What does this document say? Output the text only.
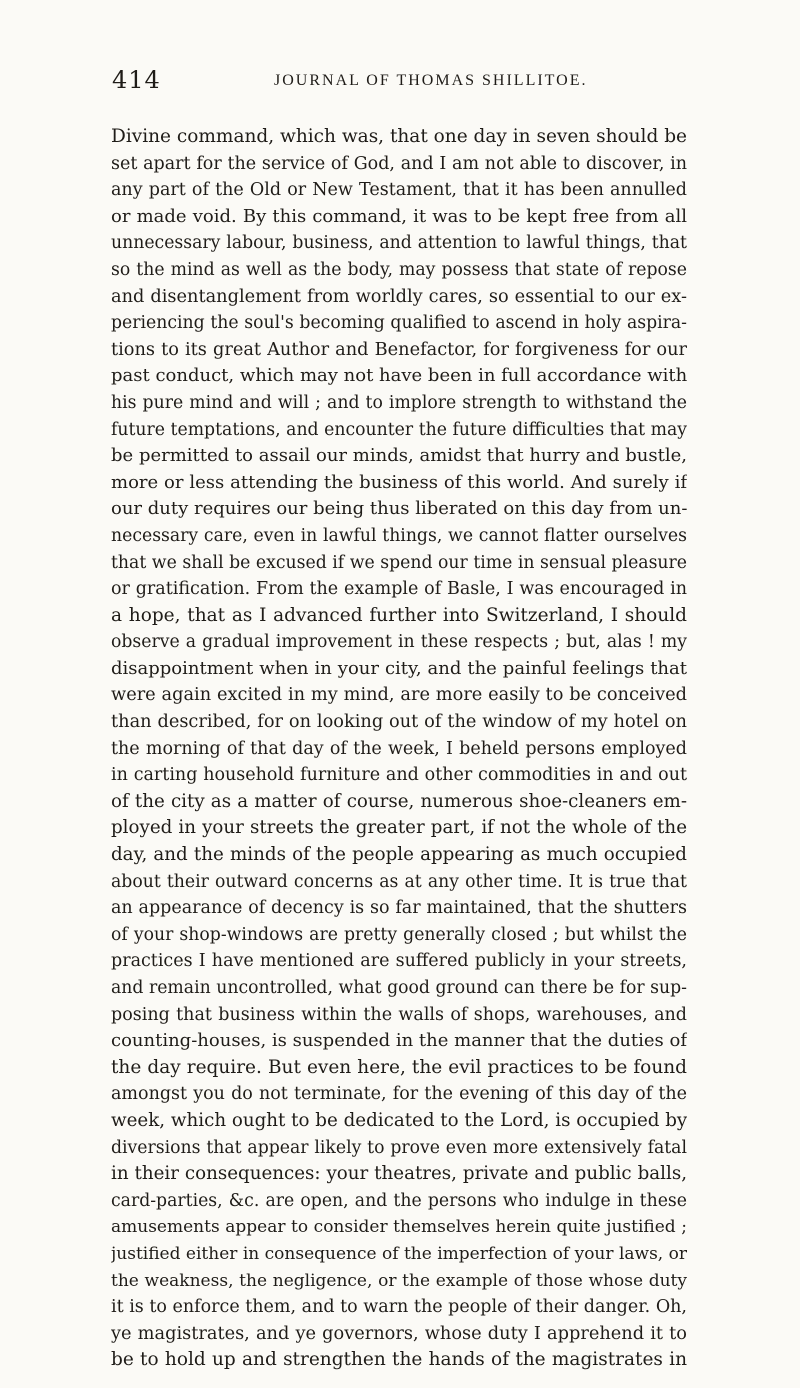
414	JOURNAL OF THOMAS SHILLITOE.
Divine command, which was, that one day in seven should be
set apart for the service of God, and I am not able to discover, in
any part of the Old or New Testament, that it has been annulled
or made void. By this command, it was to be kept free from all
unnecessary labour, business, and attention to lawful things, that
so the mind as well as the body, may possess that state of repose
and disentanglement from worldly cares, so essential to our ex-
periencing the soul's becoming qualified to ascend in holy aspira-
tions to its great Author and Benefactor, for forgiveness for our
past conduct, which may not have been in full accordance with
his pure mind and will ; and to implore strength to withstand the
future temptations, and encounter the future difficulties that may
be permitted to assail our minds, amidst that hurry and bustle,
more or less attending the business of this world. And surely if
our duty requires our being thus liberated on this day from un-
necessary care, even in lawful things, we cannot flatter ourselves
that we shall be excused if we spend our time in sensual pleasure
or gratification. From the example of Basle, I was encouraged in
a hope, that as I advanced further into Switzerland, I should
observe a gradual improvement in these respects ; but, alas ! my
disappointment when in your city, and the painful feelings that
were again excited in my mind, are more easily to be conceived
than described, for on looking out of the window of my hotel on
the morning of that day of the week, I beheld persons employed
in carting household furniture and other commodities in and out
of the city as a matter of course, numerous shoe-cleaners em-
ployed in your streets the greater part, if not the whole of the
day, and the minds of the people appearing as much occupied
about their outward concerns as at any other time. It is true that
an appearance of decency is so far maintained, that the shutters
of your shop-windows are pretty generally closed ; but whilst the
practices I have mentioned are suffered publicly in your streets,
and remain uncontrolled, what good ground can there be for sup-
posing that business within the walls of shops, warehouses, and
counting-houses, is suspended in the manner that the duties of
the day require. But even here, the evil practices to be found
amongst you do not terminate, for the evening of this day of the
week, which ought to be dedicated to the Lord, is occupied by
diversions that appear likely to prove even more extensively fatal
in their consequences: your theatres, private and public balls,
card-parties, &c. are open, and the persons who indulge in these
amusements appear to consider themselves herein quite justified ;
justified either in consequence of the imperfection of your laws, or
the weakness, the negligence, or the example of those whose duty
it is to enforce them, and to warn the people of their danger. Oh,
ye magistrates, and ye governors, whose duty I apprehend it to
be to hold up and strengthen the hands of the magistrates in
